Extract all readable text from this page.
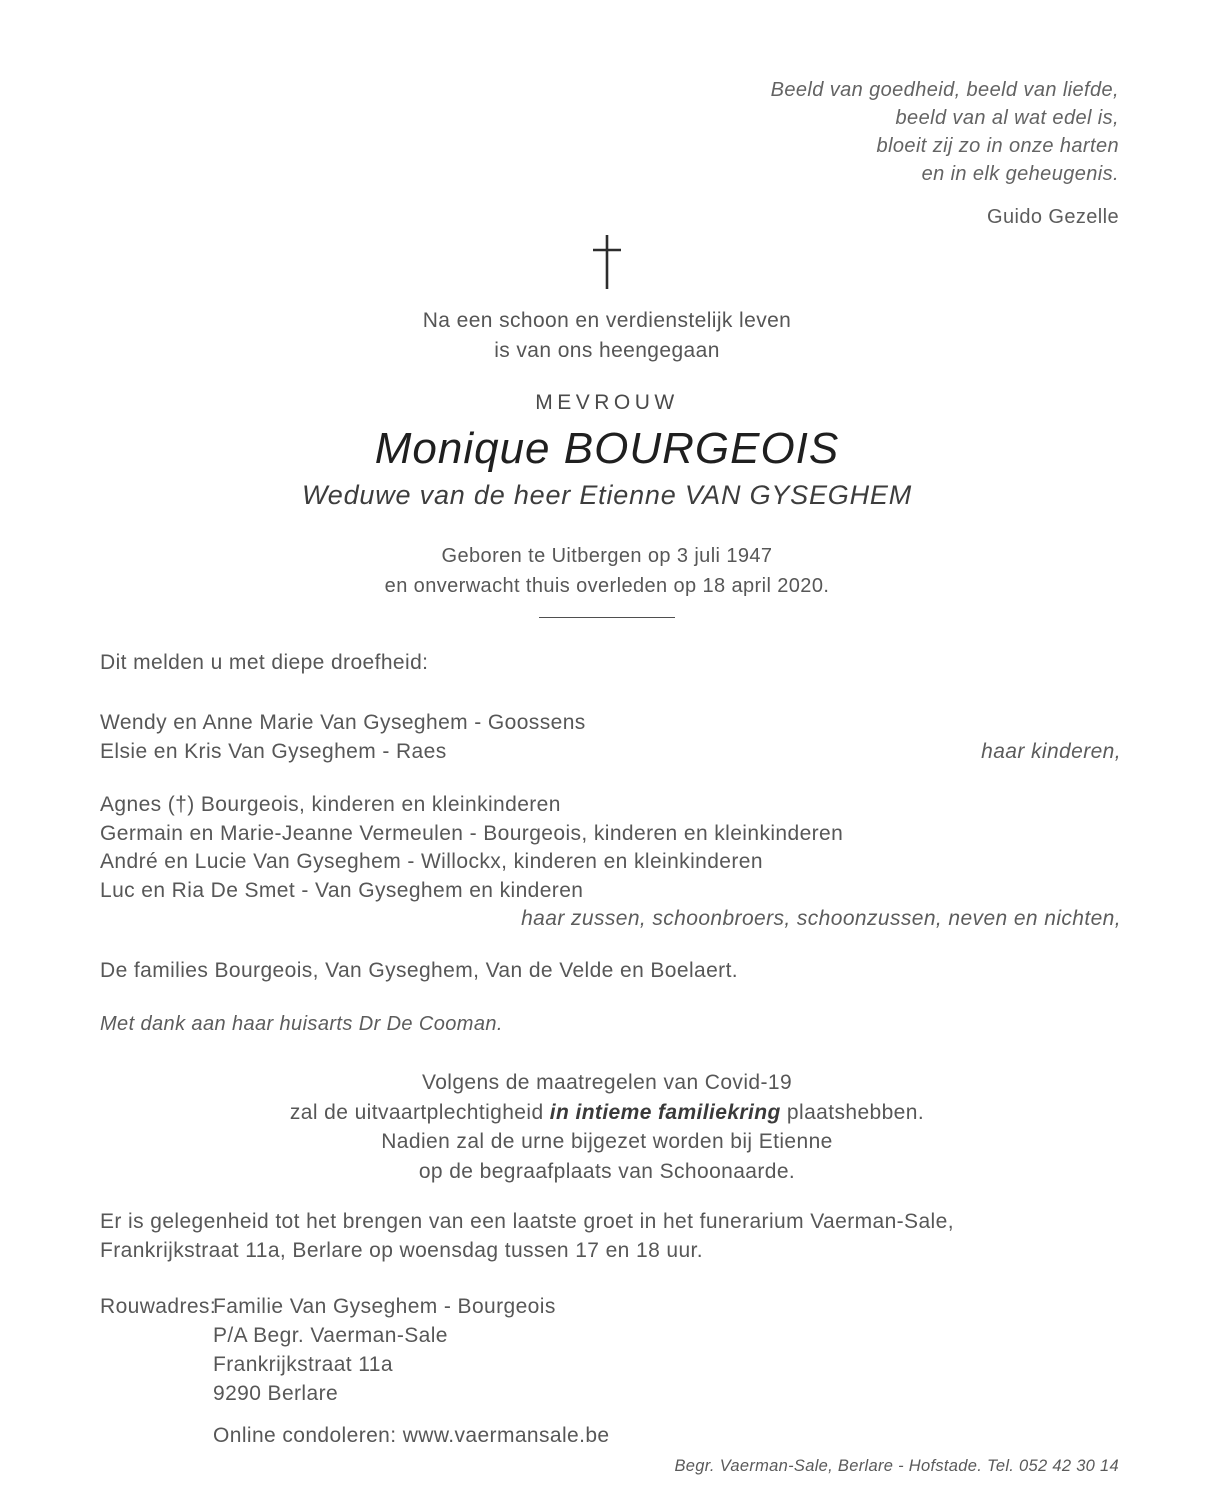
Beeld van goedheid, beeld van liefde,
beeld van al wat edel is,
bloeit zij zo in onze harten
en in elk geheugenis.
Guido Gezelle
Na een schoon en verdienstelijk leven
is van ons heengegaan
MEVROUW
Monique BOURGEOIS
Weduwe van de heer Etienne VAN GYSEGHEM
Geboren te Uitbergen op 3 juli 1947
en onverwacht thuis overleden op 18 april 2020.
Dit melden u met diepe droefheid:
Wendy en Anne Marie Van Gyseghem - Goossens
Elsie en Kris Van Gyseghem - Raes	haar kinderen,
Agnes (†) Bourgeois, kinderen en kleinkinderen
Germain en Marie-Jeanne Vermeulen - Bourgeois, kinderen en kleinkinderen
André en Lucie Van Gyseghem - Willockx, kinderen en kleinkinderen
Luc en Ria De Smet - Van Gyseghem en kinderen
haar zussen, schoonbroers, schoonzussen, neven en nichten,
De families Bourgeois, Van Gyseghem, Van de Velde en Boelaert.
Met dank aan haar huisarts Dr De Cooman.
Volgens de maatregelen van Covid-19
zal de uitvaartplechtigheid in intieme familiekring plaatshebben.
Nadien zal de urne bijgezet worden bij Etienne
op de begraafplaats van Schoonaarde.
Er is gelegenheid tot het brengen van een laatste groet in het funerarium Vaerman-Sale,
Frankrijkstraat 11a, Berlare op woensdag tussen 17 en 18 uur.
Rouwadres:
Familie Van Gyseghem - Bourgeois
P/A Begr. Vaerman-Sale
Frankrijkstraat 11a
9290 Berlare
Online condoleren: www.vaermansale.be
Begr. Vaerman-Sale, Berlare - Hofstade. Tel. 052 42 30 14
